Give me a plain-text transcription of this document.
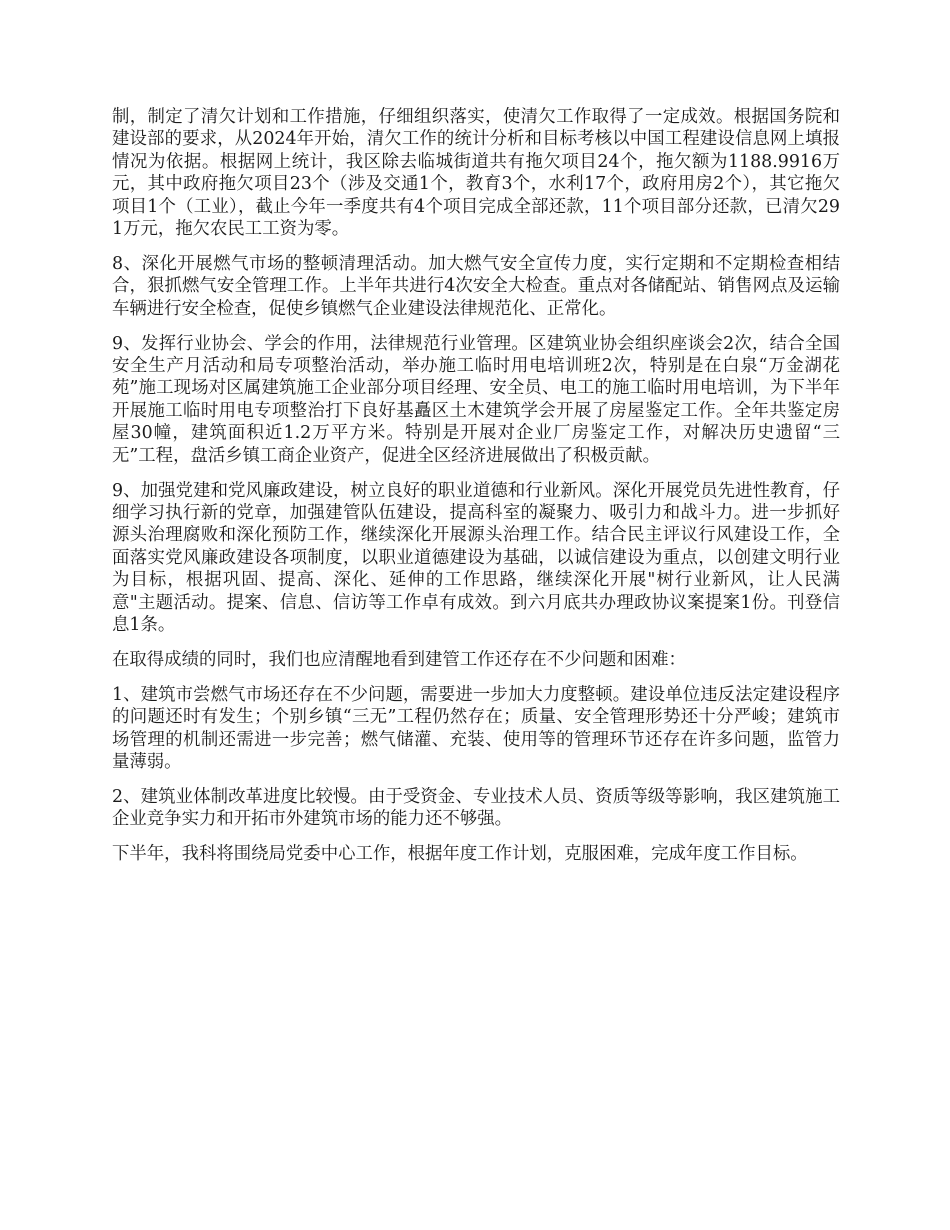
制，制定了清欠计划和工作措施，仔细组织落实，使清欠工作取得了一定成效。根据国务院和建设部的要求，从2024年开始，清欠工作的统计分析和目标考核以中国工程建设信息网上填报情况为依据。根据网上统计，我区除去临城街道共有拖欠项目24个，拖欠额为1188.9916万元，其中政府拖欠项目23个（涉及交通1个，教育3个，水利17个，政府用房2个），其它拖欠项目1个（工业），截止今年一季度共有4个项目完成全部还款，11个项目部分还款，已清欠291万元，拖欠农民工工资为零。

8、深化开展燃气市场的整顿清理活动。加大燃气安全宣传力度，实行定期和不定期检查相结合，狠抓燃气安全管理工作。上半年共进行4次安全大检查。重点对各储配站、销售网点及运输车辆进行安全检查，促使乡镇燃气企业建设法律规范化、正常化。

9、发挥行业协会、学会的作用，法律规范行业管理。区建筑业协会组织座谈会2次，结合全国安全生产月活动和局专项整治活动，举办施工临时用电培训班2次，特别是在白泉“万金湖花苑”施工现场对区属建筑施工企业部分项目经理、安全员、电工的施工临时用电培训，为下半年开展施工临时用电专项整治打下良好基矗区土木建筑学会开展了房屋鉴定工作。全年共鉴定房屋30幢，建筑面积近1.2万平方米。特别是开展对企业厂房鉴定工作，对解决历史遗留“三无”工程，盘活乡镇工商企业资产，促进全区经济进展做出了积极贡献。

9、加强党建和党风廉政建设，树立良好的职业道德和行业新风。深化开展党员先进性教育，仔细学习执行新的党章，加强建管队伍建设，提高科室的凝聚力、吸引力和战斗力。进一步抓好源头治理腐败和深化预防工作，继续深化开展源头治理工作。结合民主评议行风建设工作，全面落实党风廉政建设各项制度，以职业道德建设为基础，以诚信建设为重点，以创建文明行业为目标，根据巩固、提高、深化、延伸的工作思路，继续深化开展"树行业新风，让人民满意"主题活动。提案、信息、信访等工作卓有成效。到六月底共办理政协议案提案1份。刊登信息1条。

在取得成绩的同时，我们也应清醒地看到建管工作还存在不少问题和困难：

1、建筑市尝燃气市场还存在不少问题，需要进一步加大力度整顿。建设单位违反法定建设程序的问题还时有发生；个别乡镇“三无”工程仍然存在；质量、安全管理形势还十分严峻；建筑市场管理的机制还需进一步完善；燃气储灌、充装、使用等的管理环节还存在许多问题，监管力量薄弱。

2、建筑业体制改革进度比较慢。由于受资金、专业技术人员、资质等级等影响，我区建筑施工企业竞争实力和开拓市外建筑市场的能力还不够强。

下半年，我科将围绕局党委中心工作，根据年度工作计划，克服困难，完成年度工作目标。
